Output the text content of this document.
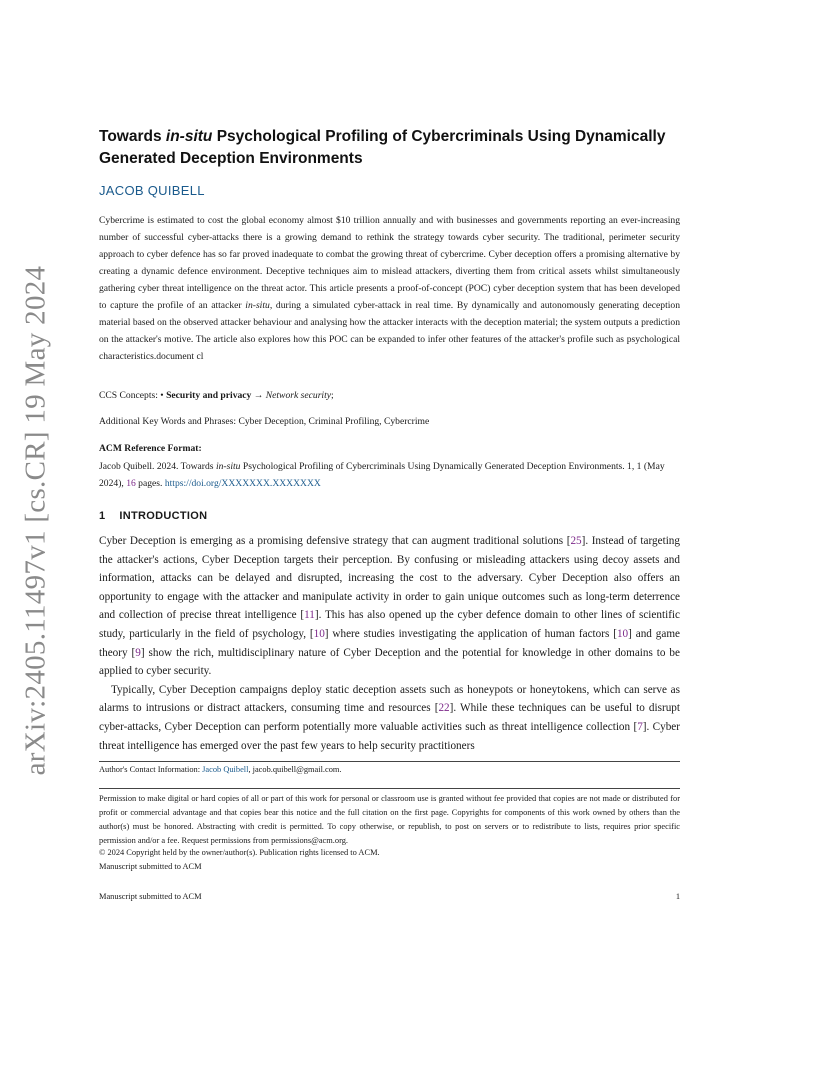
arXiv:2405.11497v1 [cs.CR] 19 May 2024
Towards in-situ Psychological Profiling of Cybercriminals Using Dynamically Generated Deception Environments
JACOB QUIBELL

Cybercrime is estimated to cost the global economy almost $10 trillion annually and with businesses and governments reporting an ever-increasing number of successful cyber-attacks there is a growing demand to rethink the strategy towards cyber security. The traditional, perimeter security approach to cyber defence has so far proved inadequate to combat the growing threat of cybercrime. Cyber deception offers a promising alternative by creating a dynamic defence environment. Deceptive techniques aim to mislead attackers, diverting them from critical assets whilst simultaneously gathering cyber threat intelligence on the threat actor. This article presents a proof-of-concept (POC) cyber deception system that has been developed to capture the profile of an attacker in-situ, during a simulated cyber-attack in real time. By dynamically and autonomously generating deception material based on the observed attacker behaviour and analysing how the attacker interacts with the deception material; the system outputs a prediction on the attacker's motive. The article also explores how this POC can be expanded to infer other features of the attacker's profile such as psychological characteristics.document cl

CCS Concepts: • Security and privacy → Network security;

Additional Key Words and Phrases: Cyber Deception, Criminal Profiling, Cybercrime

ACM Reference Format:

Jacob Quibell. 2024. Towards in-situ Psychological Profiling of Cybercriminals Using Dynamically Generated Deception Environments. 1, 1 (May 2024), 16 pages. https://doi.org/XXXXXXX.XXXXXXX

1 INTRODUCTION

Cyber Deception is emerging as a promising defensive strategy that can augment traditional solutions [25]. Instead of targeting the attacker's actions, Cyber Deception targets their perception. By confusing or misleading attackers using decoy assets and information, attacks can be delayed and disrupted, increasing the cost to the adversary. Cyber Deception also offers an opportunity to engage with the attacker and manipulate activity in order to gain unique outcomes such as long-term deterrence and collection of precise threat intelligence [11]. This has also opened up the cyber defence domain to other lines of scientific study, particularly in the field of psychology, [10] where studies investigating the application of human factors [10] and game theory [9] show the rich, multidisciplinary nature of Cyber Deception and the potential for knowledge in other domains to be applied to cyber security.

Typically, Cyber Deception campaigns deploy static deception assets such as honeypots or honeytokens, which can serve as alarms to intrusions or distract attackers, consuming time and resources [22]. While these techniques can be useful to disrupt cyber-attacks, Cyber Deception can perform potentially more valuable activities such as threat intelligence collection [7]. Cyber threat intelligence has emerged over the past few years to help security practitioners

Author's Contact Information: Jacob Quibell, jacob.quibell@gmail.com.

Permission to make digital or hard copies of all or part of this work for personal or classroom use is granted without fee provided that copies are not made or distributed for profit or commercial advantage and that copies bear this notice and the full citation on the first page. Copyrights for components of this work owned by others than the author(s) must be honored. Abstracting with credit is permitted. To copy otherwise, or republish, to post on servers or to redistribute to lists, requires prior specific permission and/or a fee. Request permissions from permissions@acm.org.

© 2024 Copyright held by the owner/author(s). Publication rights licensed to ACM.

Manuscript submitted to ACM

Manuscript submitted to ACM	1
